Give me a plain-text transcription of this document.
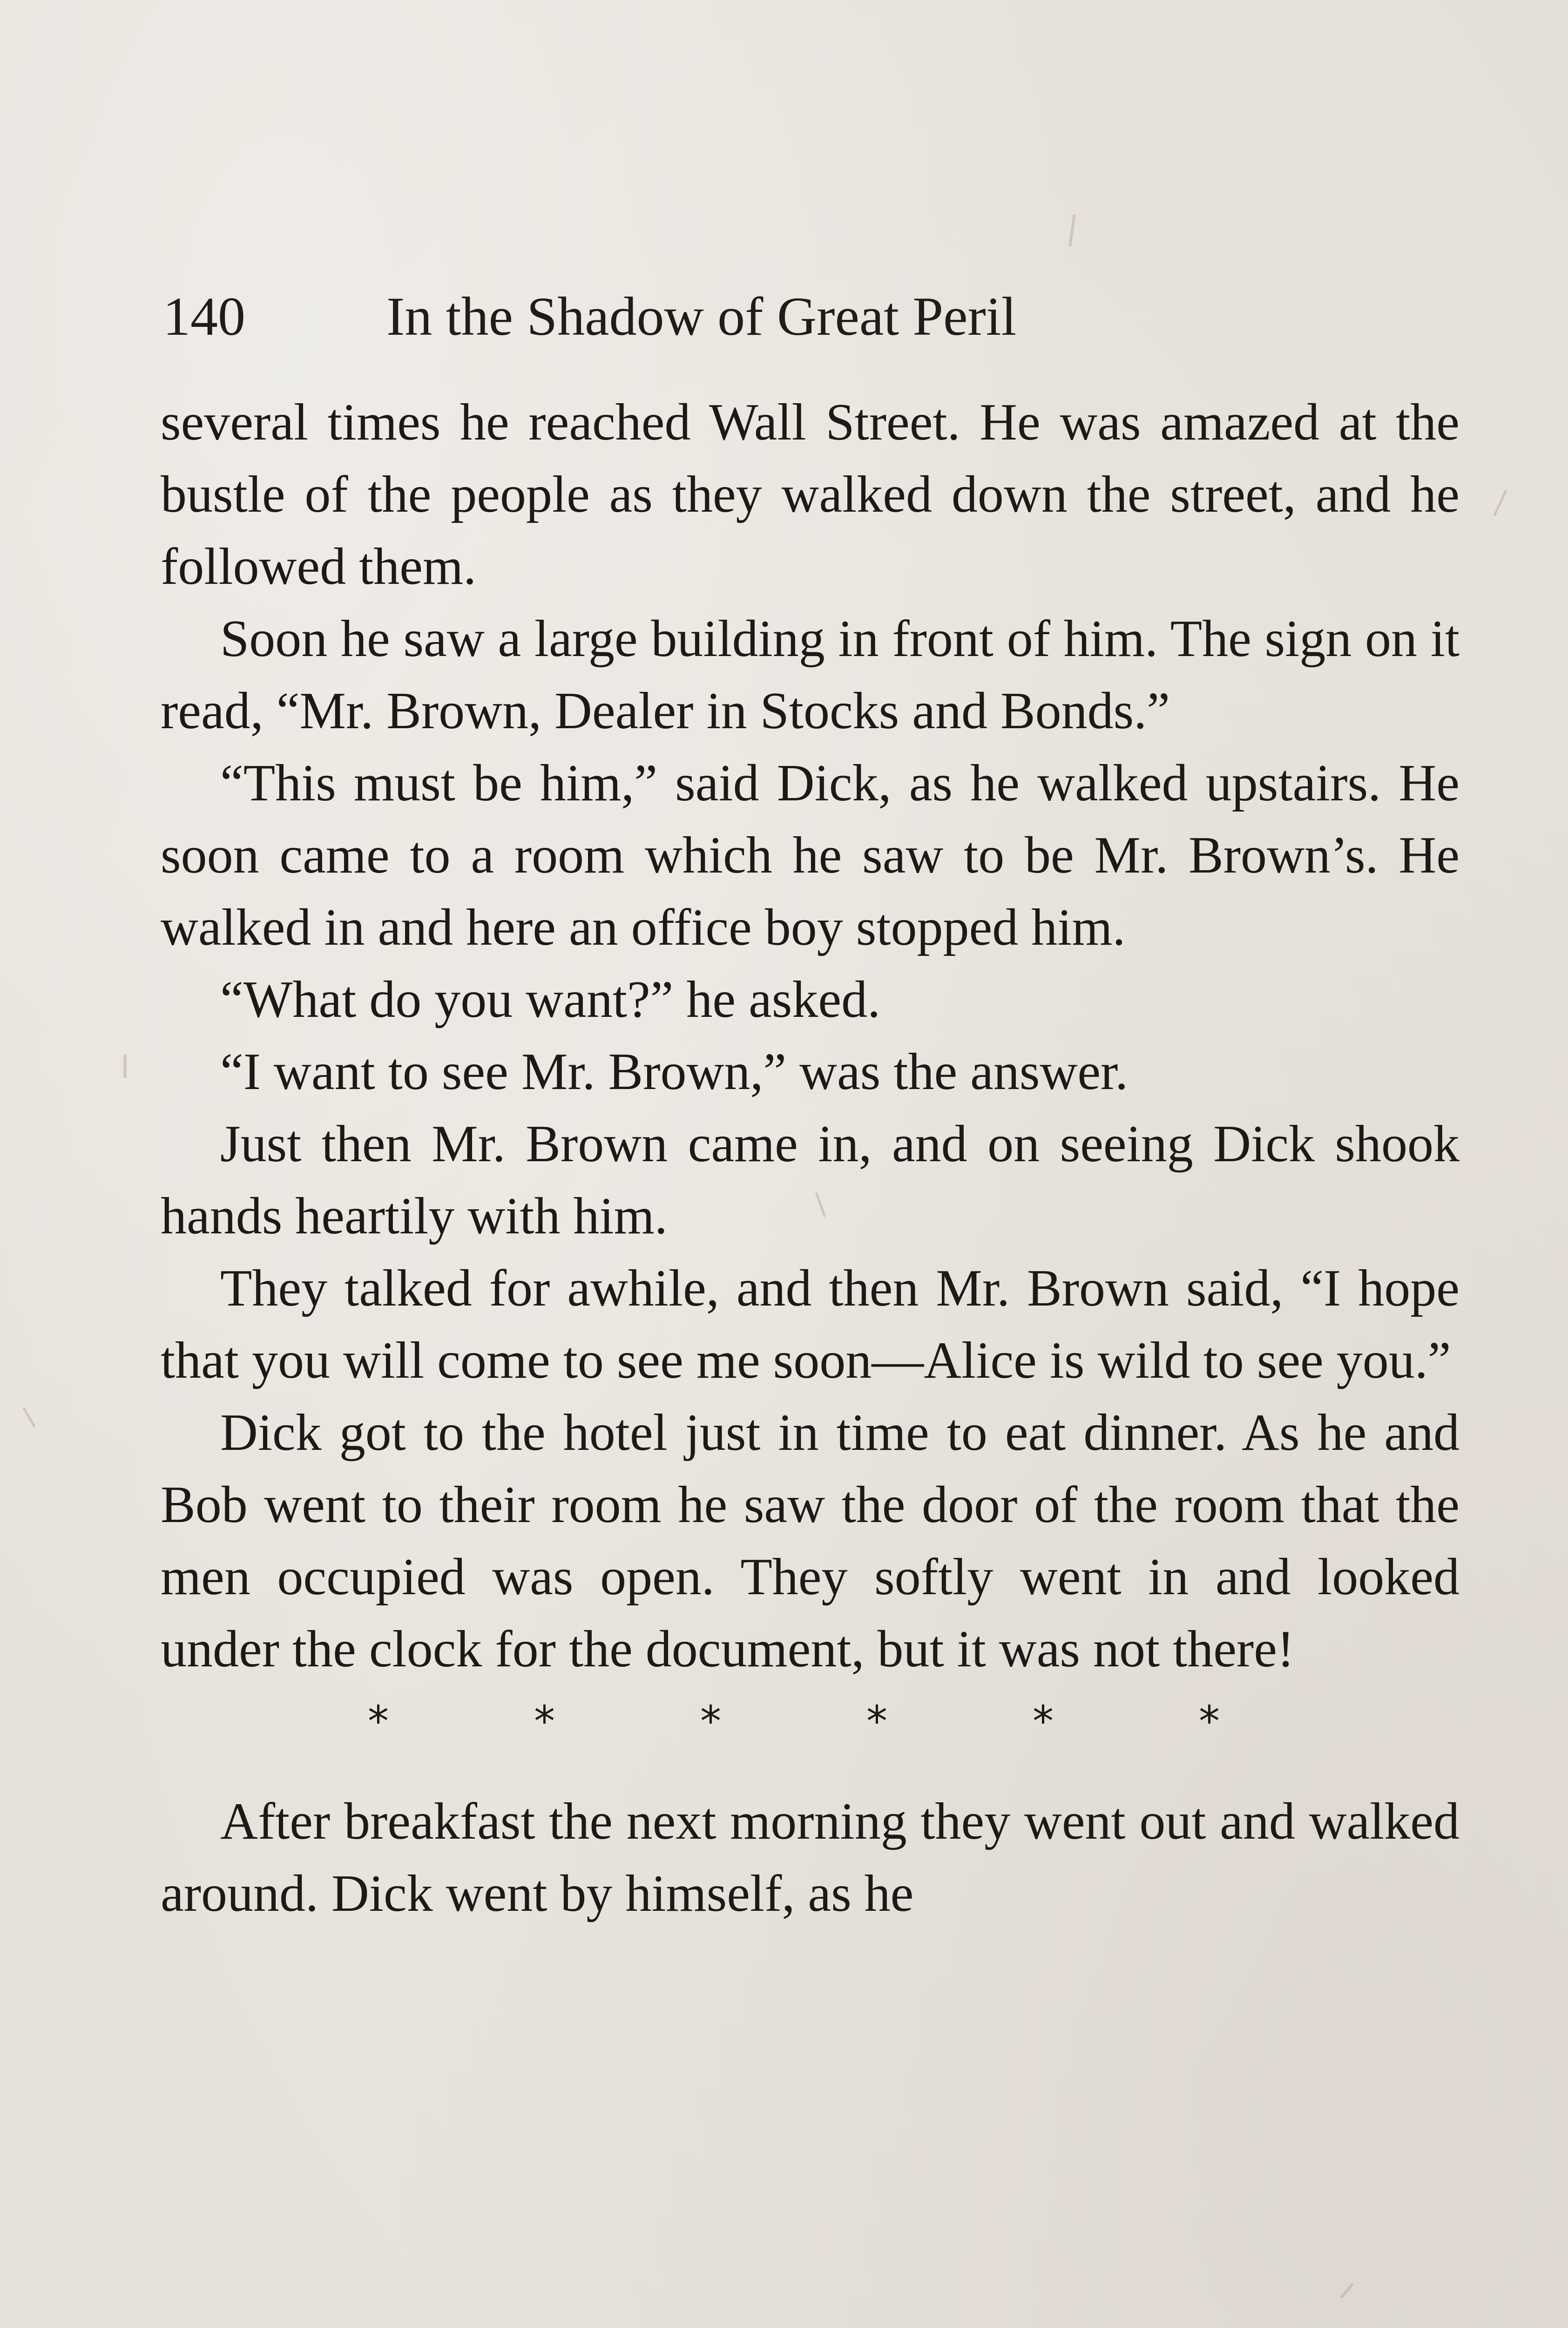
140	In the Shadow of Great Peril

several times he reached Wall Street. He was amazed at the bustle of the people as they walked down the street, and he followed them.

Soon he saw a large building in front of him. The sign on it read, “Mr. Brown, Dealer in Stocks and Bonds.”

“This must be him,” said Dick, as he walked upstairs. He soon came to a room which he saw to be Mr. Brown’s. He walked in and here an office boy stopped him.

“What do you want?” he asked.

“I want to see Mr. Brown,” was the answer.

Just then Mr. Brown came in, and on seeing Dick shook hands heartily with him.

They talked for awhile, and then Mr. Brown said, “I hope that you will come to see me soon—Alice is wild to see you.”

Dick got to the hotel just in time to eat dinner. As he and Bob went to their room he saw the door of the room that the men occupied was open. They softly went in and looked under the clock for the document, but it was not there!

*	*	*	*	*	*

After breakfast the next morning they went out and walked around. Dick went by himself, as he
